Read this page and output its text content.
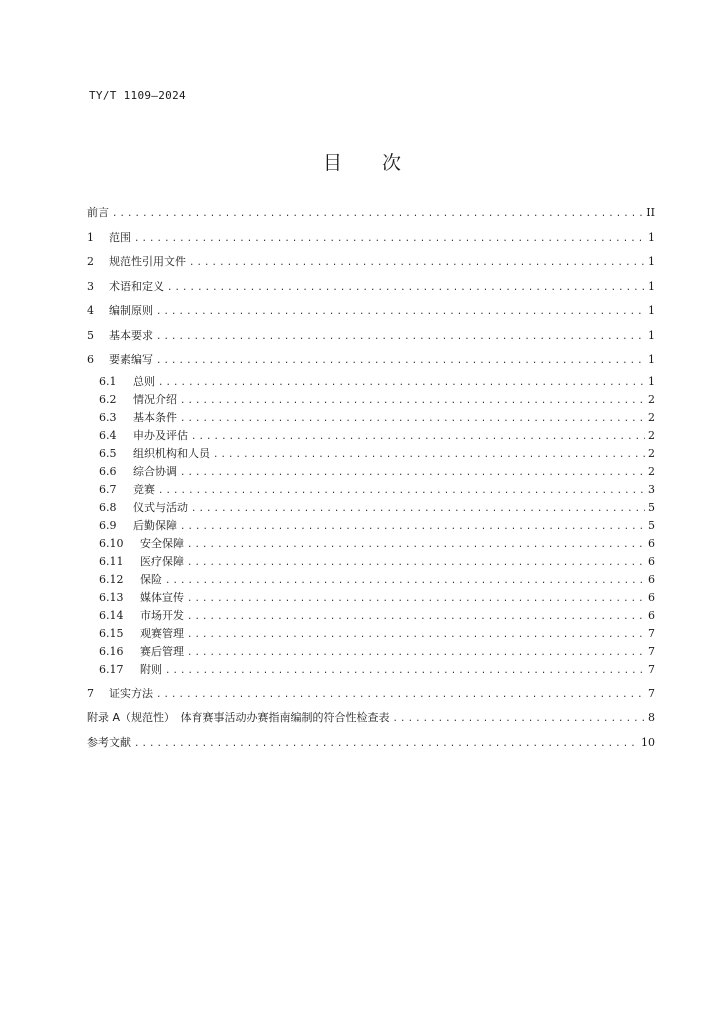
TY/T 1109—2024
目 次
前言 .....	II
1	范围 .....	1
2	规范性引用文件 .....	1
3	术语和定义 .....	1
4	编制原则 .....	1
5	基本要求 .....	1
6	要素编写 .....	1
6.1	总则 .....	1
6.2	情况介绍 .....	2
6.3	基本条件 .....	2
6.4	申办及评估 .....	2
6.5	组织机构和人员 .....	2
6.6	综合协调 .....	2
6.7	竞赛 .....	3
6.8	仪式与活动 .....	5
6.9	后勤保障 .....	5
6.10	安全保障 .....	6
6.11	医疗保障 .....	6
6.12	保险 .....	6
6.13	媒体宣传 .....	6
6.14	市场开发 .....	6
6.15	观赛管理 .....	7
6.16	赛后管理 .....	7
6.17	附则 .....	7
7	证实方法 .....	7
附录 A（规范性）　体育赛事活动办赛指南编制的符合性检查表 .....	8
参考文献 .....	10
